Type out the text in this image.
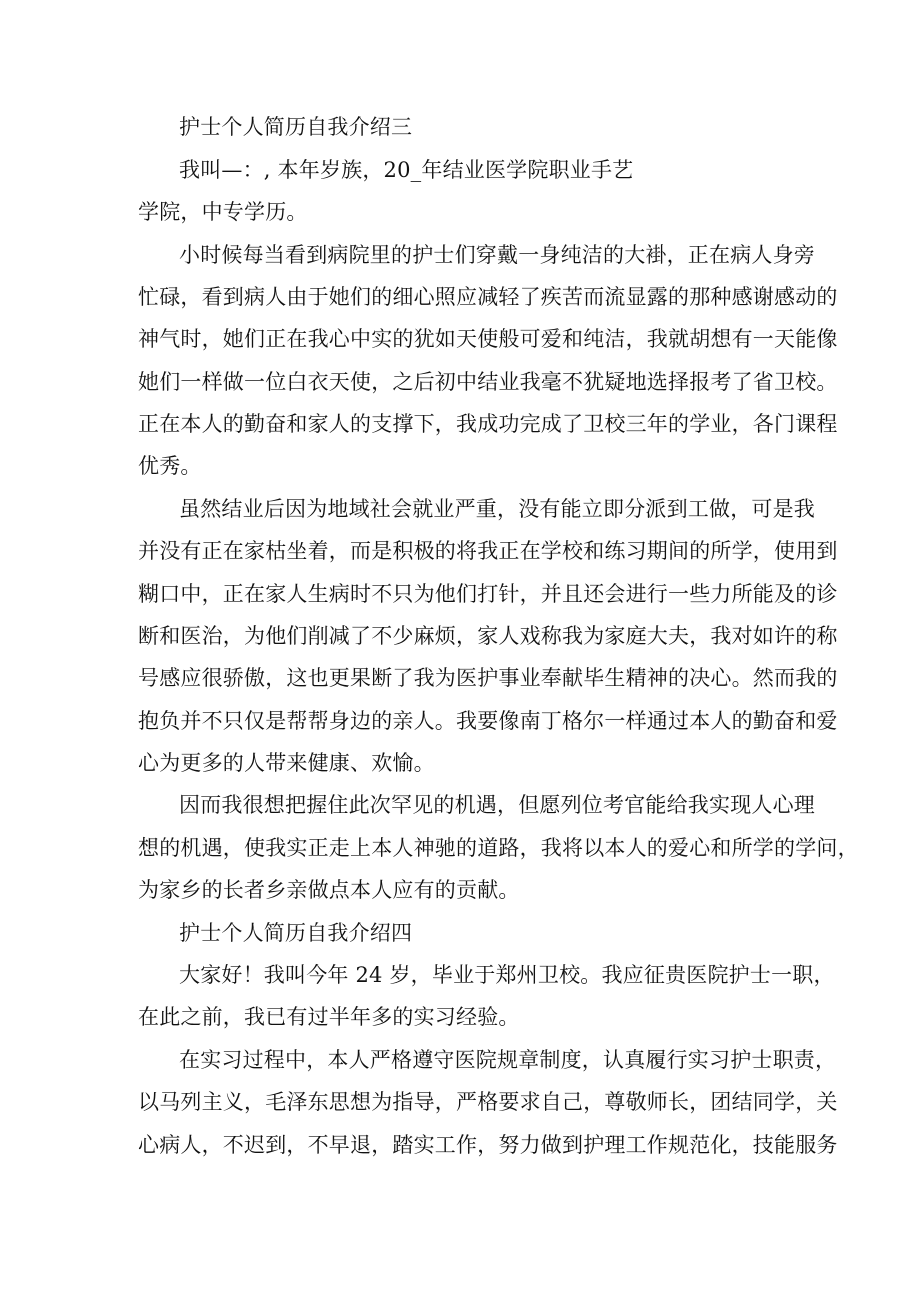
护士个人简历自我介绍三
我叫—：, 本年岁族，20_年结业医学院职业手艺
学院，中专学历。
小时候每当看到病院里的护士们穿戴一身纯洁的大褂，正在病人身旁
忙碌，看到病人由于她们的细心照应减轻了疾苦而流显露的那种感谢感动的
神气时，她们正在我心中实的犹如天使般可爱和纯洁，我就胡想有一天能像
她们一样做一位白衣天使，之后初中结业我毫不犹疑地选择报考了省卫校。
正在本人的勤奋和家人的支撑下，我成功完成了卫校三年的学业，各门课程
优秀。
虽然结业后因为地域社会就业严重，没有能立即分派到工做，可是我
并没有正在家枯坐着，而是积极的将我正在学校和练习期间的所学，使用到
糊口中，正在家人生病时不只为他们打针，并且还会进行一些力所能及的诊
断和医治，为他们削减了不少麻烦，家人戏称我为家庭大夫，我对如许的称
号感应很骄傲，这也更果断了我为医护事业奉献毕生精神的决心。然而我的
抱负并不只仅是帮帮身边的亲人。我要像南丁格尔一样通过本人的勤奋和爱
心为更多的人带来健康、欢愉。
因而我很想把握住此次罕见的机遇，但愿列位考官能给我实现人心理
想的机遇，使我实正走上本人神驰的道路，我将以本人的爱心和所学的学问，
为家乡的长者乡亲做点本人应有的贡献。
护士个人简历自我介绍四
大家好！我叫今年 24 岁，毕业于郑州卫校。我应征贵医院护士一职，
在此之前，我已有过半年多的实习经验。
在实习过程中，本人严格遵守医院规章制度，认真履行实习护士职责，
以马列主义，毛泽东思想为指导，严格要求自己，尊敬师长，团结同学，关
心病人，不迟到，不早退，踏实工作，努力做到护理工作规范化，技能服务
